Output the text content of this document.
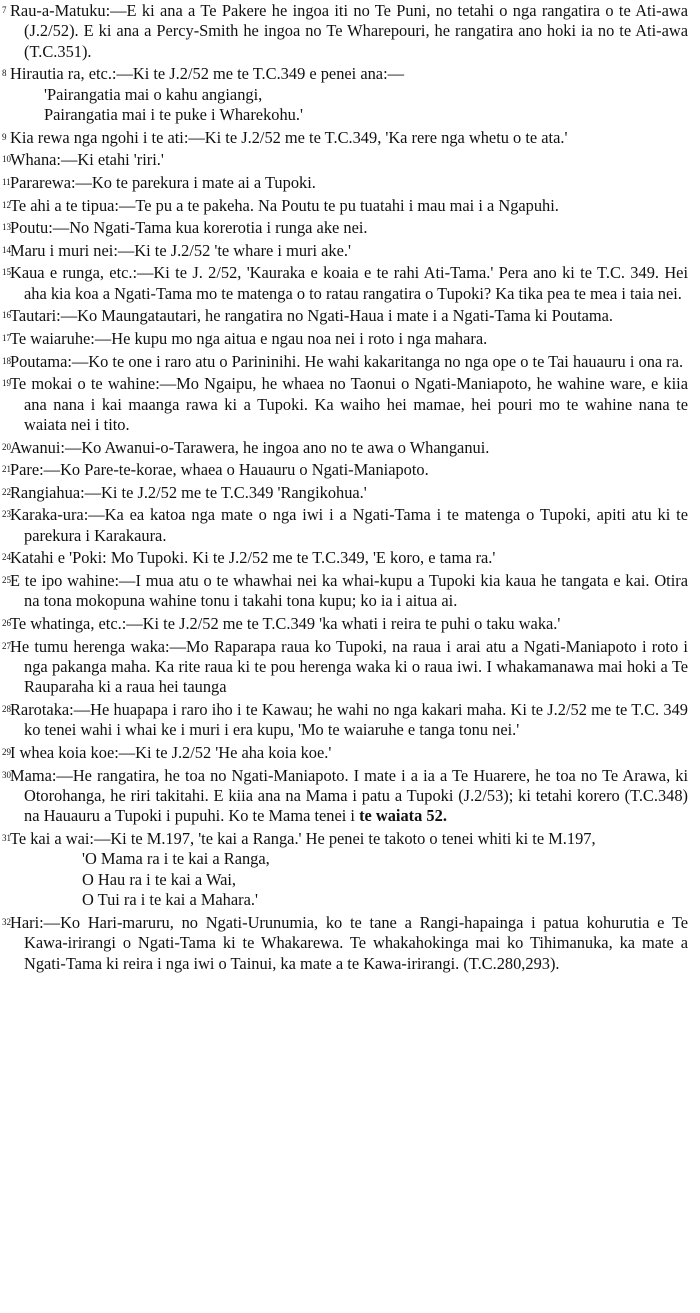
7 Rau-a-Matuku:—E ki ana a Te Pakere he ingoa iti no Te Puni, no tetahi o nga rangatira o te Ati-awa (J.2/52). E ki ana a Percy-Smith he ingoa no Te Wharepouri, he rangatira ano hoki ia no te Ati-awa (T.C.351).

8 Hirautia ra, etc.:—Ki te J.2/52 me te T.C.349 e penei ana:—
'Pairangatia mai o kahu angiangi,
Pairangatia mai i te puke i Wharekohu.'

9 Kia rewa nga ngohi i te ati:—Ki te J.2/52 me te T.C.349, 'Ka rere nga whetu o te ata.'

10Whana:—Ki etahi 'riri.'

11Pararewa:—Ko te parekura i mate ai a Tupoki.

12Te ahi a te tipua:—Te pu a te pakeha. Na Poutu te pu tuatahi i mau mai i a Ngapuhi.

13Poutu:—No Ngati-Tama kua korerotia i runga ake nei.

14Maru i muri nei:—Ki te J.2/52 'te whare i muri ake.'

15Kaua e runga, etc.:—Ki te J. 2/52, 'Kauraka e koaia e te rahi Ati-Tama.' Pera ano ki te T.C. 349. Hei aha kia koa a Ngati-Tama mo te matenga o to ratau rangatira o Tupoki? Ka tika pea te mea i taia nei.

16Tautari:—Ko Maungatautari, he rangatira no Ngati-Haua i mate i a Ngati-Tama ki Poutama.

17Te waiaruhe:—He kupu mo nga aitua e ngau noa nei i roto i nga mahara.

18Poutama:—Ko te one i raro atu o Parininihi. He wahi kakaritanga no nga ope o te Tai hauauru i ona ra.

19Te mokai o te wahine:—Mo Ngaipu, he whaea no Taonui o Ngati-Maniapoto, he wahine ware, e kiia ana nana i kai maanga rawa ki a Tupoki. Ka waiho hei mamae, hei pouri mo te wahine nana te waiata nei i tito.

20Awanui:—Ko Awanui-o-Tarawera, he ingoa ano no te awa o Whanganui.

21Pare:—Ko Pare-te-korae, whaea o Hauauru o Ngati-Maniapoto.

22Rangiahua:—Ki te J.2/52 me te T.C.349 'Rangikohua.'

23Karaka-ura:—Ka ea katoa nga mate o nga iwi i a Ngati-Tama i te matenga o Tupoki, apiti atu ki te parekura i Karakaura.

24Katahi e 'Poki: Mo Tupoki. Ki te J.2/52 me te T.C.349, 'E koro, e tama ra.'

25E te ipo wahine:—I mua atu o te whawhai nei ka whai-kupu a Tupoki kia kaua he tangata e kai. Otira na tona mokopuna wahine tonu i takahi tona kupu; ko ia i aitua ai.

26Te whatinga, etc.:—Ki te J.2/52 me te T.C.349 'ka whati i reira te puhi o taku waka.'

27He tumu herenga waka:—Mo Raparapa raua ko Tupoki, na raua i arai atu a Ngati-Maniapoto i roto i nga pakanga maha. Ka rite raua ki te pou herenga waka ki o raua iwi. I whakamanawa mai hoki a Te Rauparaha ki a raua hei taunga

28Rarotaka:—He huapapa i raro iho i te Kawau; he wahi no nga kakari maha. Ki te J.2/52 me te T.C. 349 ko tenei wahi i whai ke i muri i era kupu, 'Mo te waiaruhe e tanga tonu nei.'

29I whea koia koe:—Ki te J.2/52 'He aha koia koe.'

30Mama:—He rangatira, he toa no Ngati-Maniapoto. I mate i a ia a Te Huarere, he toa no Te Arawa, ki Otorohanga, he riri takitahi. E kiia ana na Mama i patu a Tupoki (J.2/53); ki tetahi korero (T.C.348) na Hauauru a Tupoki i pupuhi. Ko te Mama tenei i te waiata 52.

31Te kai a wai:—Ki te M.197, 'te kai a Ranga.' He penei te takoto o tenei whiti ki te M.197,
'O Mama ra i te kai a Ranga,
O Hau ra i te kai a Wai,
O Tui ra i te kai a Mahara.'

32Hari:—Ko Hari-maruru, no Ngati-Urunumia, ko te tane a Rangi-hapainga i patua kohurutia e Te Kawa-irirangi o Ngati-Tama ki te Whakarewa. Te whakahokinga mai ko Tihimanuka, ka mate a Ngati-Tama ki reira i nga iwi o Tainui, ka mate a te Kawa-irirangi. (T.C.280,293).
